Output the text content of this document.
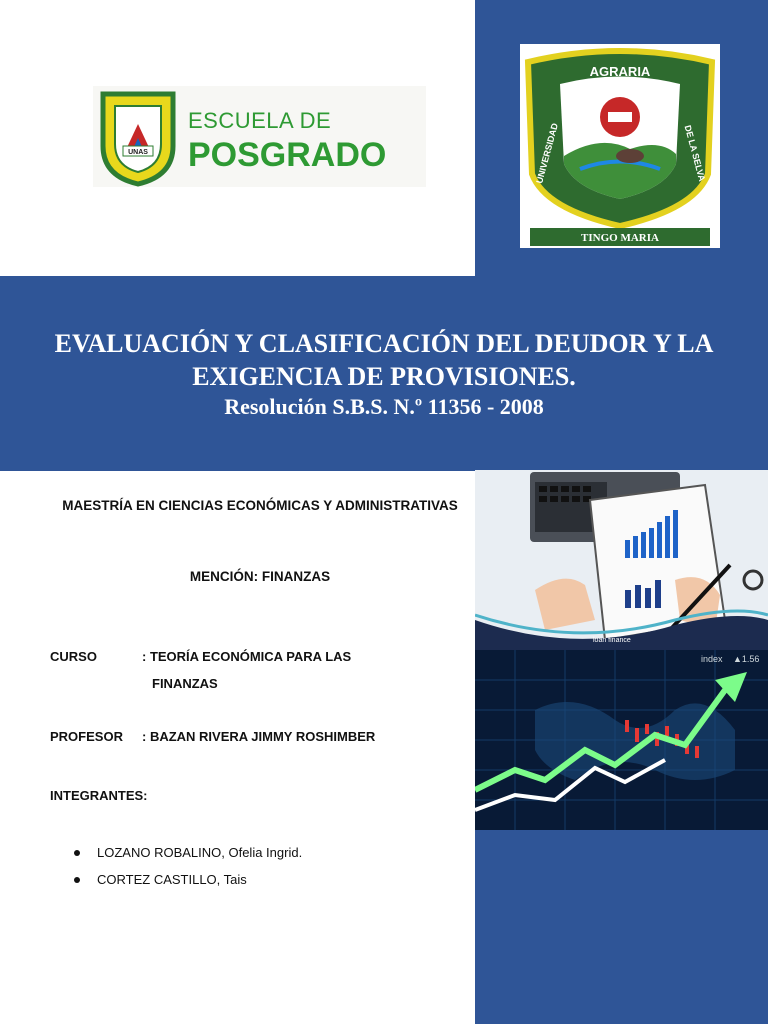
UNAS
ESCUELA DE
POSGRADO
AGRARIA
UNIVERSIDAD	DE LA SELVA
TINGO MARIA
EVALUACIÓN Y CLASIFICACIÓN DEL DEUDOR Y LA EXIGENCIA DE PROVISIONES.
Resolución S.B.S. N.º 11356 - 2008
MAESTRÍA EN CIENCIAS ECONÓMICAS Y ADMINISTRATIVAS
MENCIÓN: FINANZAS
CURSO	: TEORÍA ECONÓMICA PARA LAS
FINANZAS
PROFESOR : BAZAN RIVERA JIMMY ROSHIMBER
INTEGRANTES:
LOZANO ROBALINO, Ofelia Ingrid.
CORTEZ CASTILLO, Tais
loan finance
index ▲1.56
